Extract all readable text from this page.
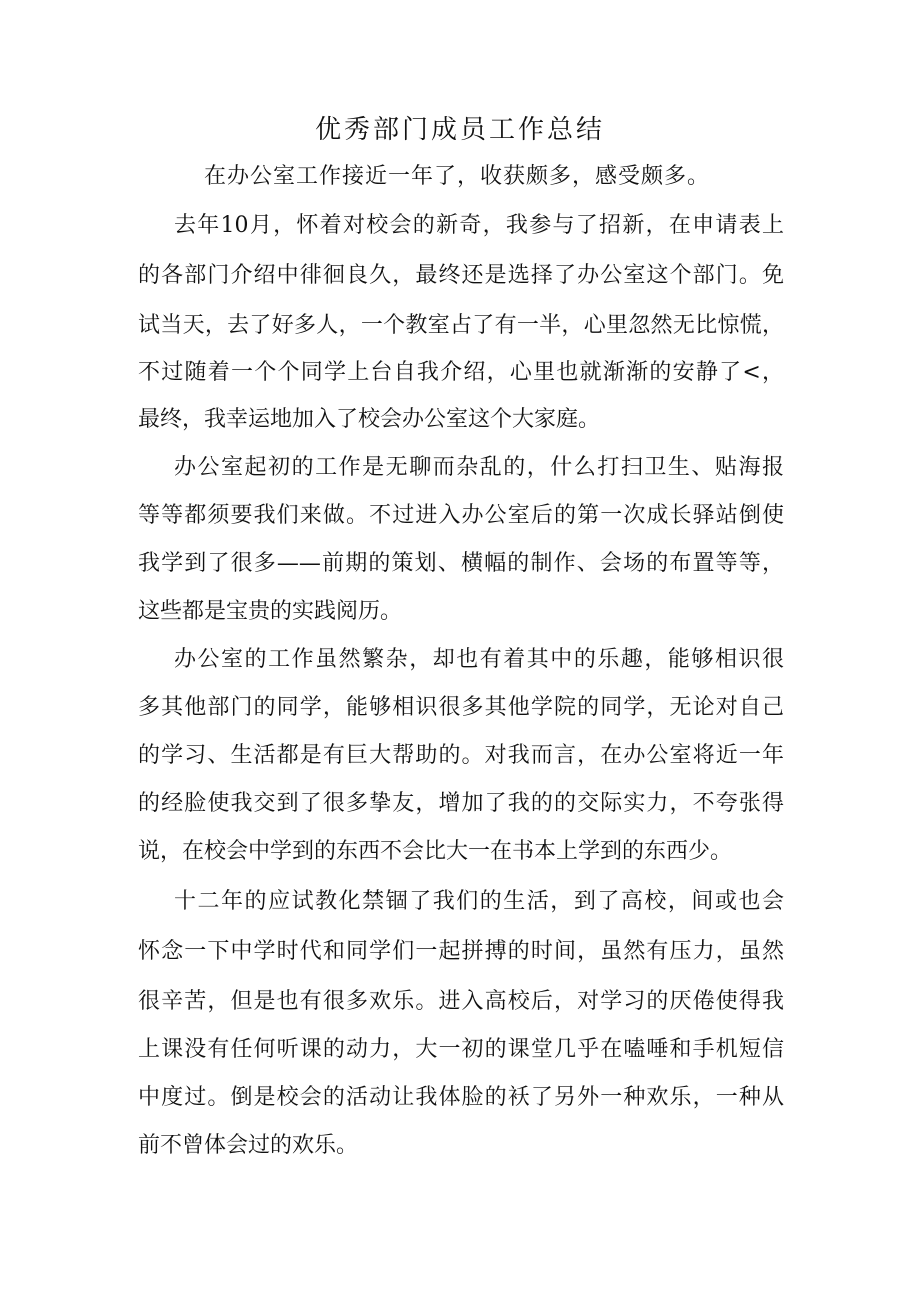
优秀部门成员工作总结

在办公室工作接近一年了，收获颇多，感受颇多。

去年10月，怀着对校会的新奇，我参与了招新，在申请表上

的各部门介绍中徘徊良久，最终还是选择了办公室这个部门。免

试当天，去了好多人，一个教室占了有一半，心里忽然无比惊慌，

不过随着一个个同学上台自我介绍，心里也就渐渐的安静了<，

最终，我幸运地加入了校会办公室这个大家庭。

办公室起初的工作是无聊而杂乱的，什么打扫卫生、贴海报

等等都须要我们来做。不过进入办公室后的第一次成长驿站倒使

我学到了很多——前期的策划、横幅的制作、会场的布置等等，

这些都是宝贵的实践阅历。

办公室的工作虽然繁杂，却也有着其中的乐趣，能够相识很

多其他部门的同学，能够相识很多其他学院的同学，无论对自己

的学习、生活都是有巨大帮助的。对我而言，在办公室将近一年

的经脸使我交到了很多挚友，增加了我的的交际实力，不夸张得

说，在校会中学到的东西不会比大一在书本上学到的东西少。

十二年的应试教化禁锢了我们的生活，到了高校，间或也会

怀念一下中学时代和同学们一起拼搏的时间，虽然有压力，虽然

很辛苦，但是也有很多欢乐。进入高校后，对学习的厌倦使得我

上课没有任何听课的动力，大一初的课堂几乎在嗑唾和手机短信

中度过。倒是校会的活动让我体脸的袄了另外一种欢乐，一种从

前不曾体会过的欢乐。
